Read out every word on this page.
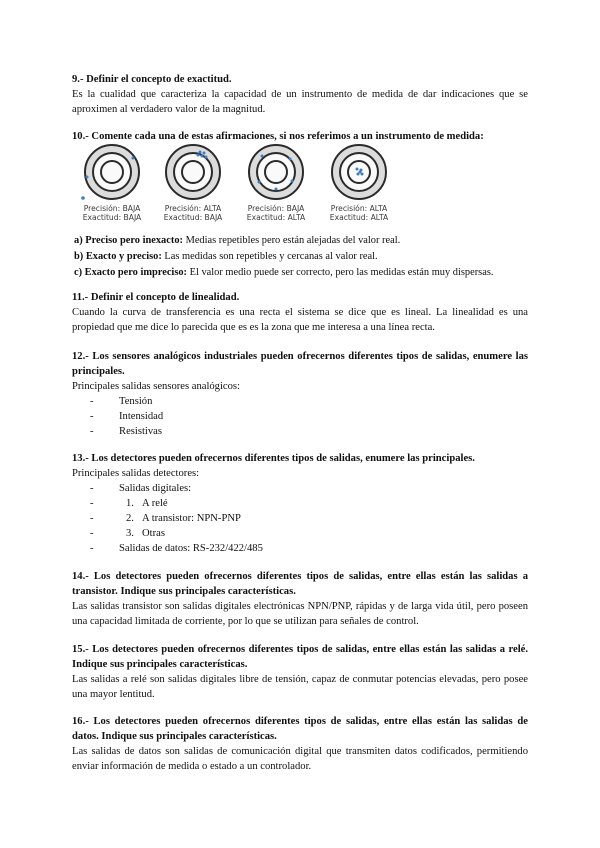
9.- Definir el concepto de exactitud.
Es la cualidad que caracteriza la capacidad de un instrumento de medida de dar indicaciones que se aproximen al verdadero valor de la magnitud.
10.- Comente cada una de estas afirmaciones, si nos referimos a un instrumento de medida:
Precisión: BAJA
Exactitud: BAJA
Precisión: ALTA
Exactitud: BAJA
Precisión: BAJA
Exactitud: ALTA
Precisión: ALTA
Exactitud: ALTA
a) Preciso pero inexacto: Medias repetibles pero están alejadas del valor real.
b) Exacto y preciso: Las medidas son repetibles y cercanas al valor real.
c) Exacto pero impreciso: El valor medio puede ser correcto, pero las medidas están muy dispersas.
11.- Definir el concepto de linealidad.
Cuando la curva de transferencia es una recta el sistema se dice que es lineal. La linealidad es una propiedad que me dice lo parecida que es es la zona que me interesa a una línea recta.
12.- Los sensores analógicos industriales pueden ofrecernos diferentes tipos de salidas, enumere las principales.
Principales salidas sensores analógicos:
- Tensión
- Intensidad
- Resistivas
13.- Los detectores pueden ofrecernos diferentes tipos de salidas, enumere las principales.
Principales salidas detectores:
- Salidas digitales:
- 1. A relé
- 2. A transistor: NPN-PNP
- 3. Otras
- Salidas de datos: RS-232/422/485
14.- Los detectores pueden ofrecernos diferentes tipos de salidas, entre ellas están las salidas a transistor. Indique sus principales características.
Las salidas transistor son salidas digitales electrónicas NPN/PNP, rápidas y de larga vida útil, pero poseen una capacidad limitada de corriente, por lo que se utilizan para señales de control.
15.- Los detectores pueden ofrecernos diferentes tipos de salidas, entre ellas están las salidas a relé. Indique sus principales características.
Las salidas a relé son salidas digitales libre de tensión, capaz de conmutar potencias elevadas, pero posee una mayor lentitud.
16.- Los detectores pueden ofrecernos diferentes tipos de salidas, entre ellas están las salidas de datos. Indique sus principales características.
Las salidas de datos son salidas de comunicación digital que transmiten datos codificados, permitiendo enviar información de medida o estado a un controlador.
